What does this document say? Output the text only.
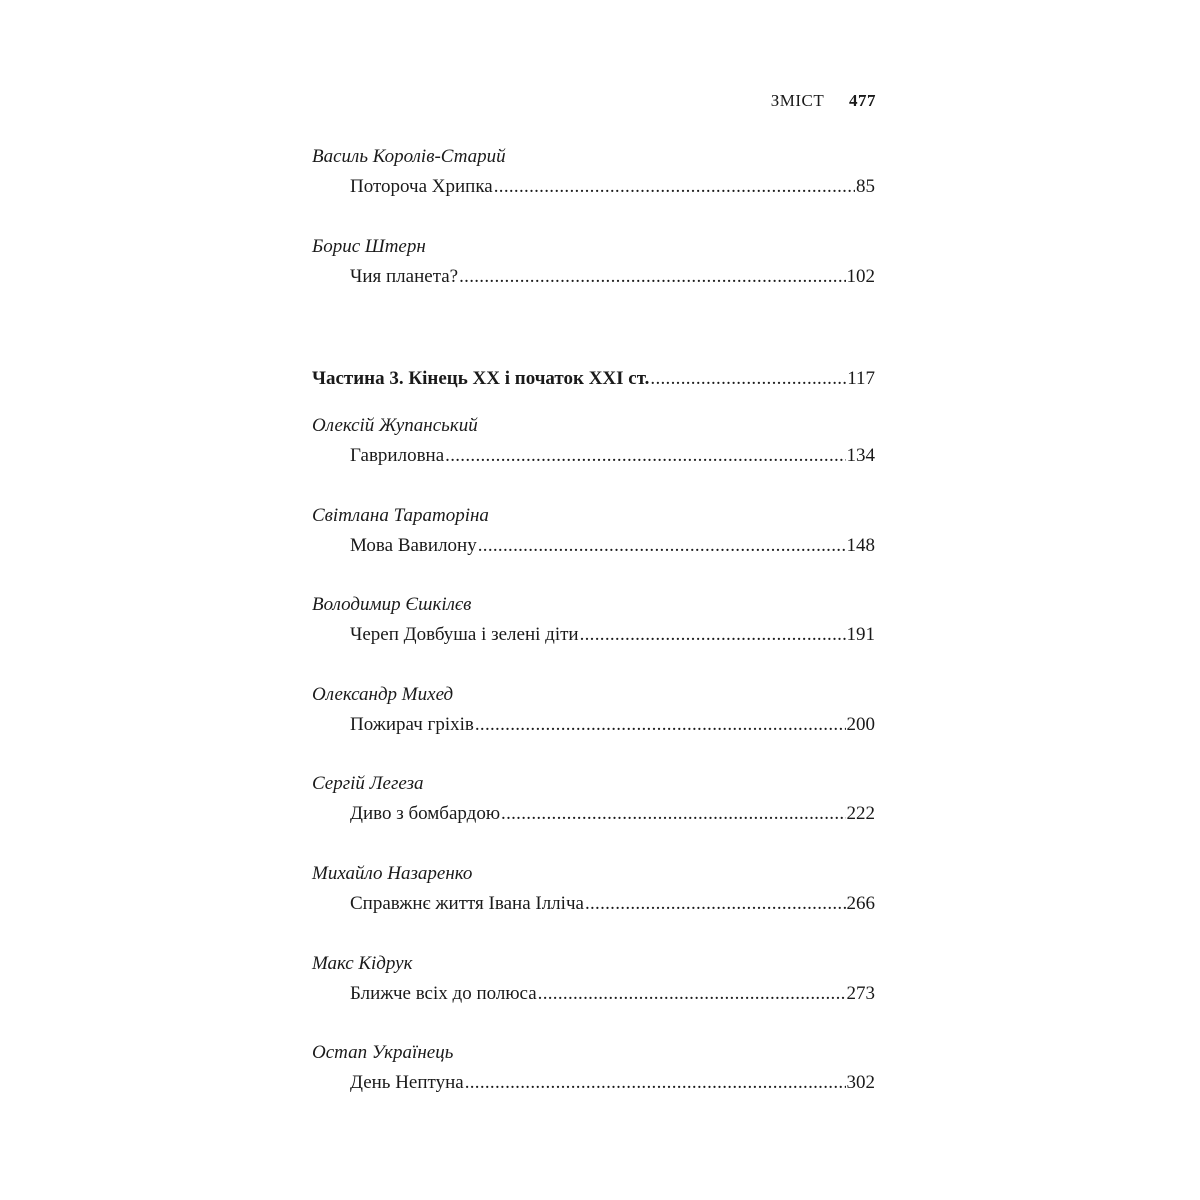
ЗМІСТ 477
Василь Королів-Старий
Потороча Хрипка .....	85
Борис Штерн
Чия планета? .....	102
Частина 3. Кінець ХХ і початок ХХІ ст. .....	117
Олексій Жупанський
Гавриловна .....	134
Світлана Тараторіна
Мова Вавилону .....	148
Володимир Єшкілєв
Череп Довбуша і зелені діти .....	191
Олександр Михед
Пожирач гріхів .....	200
Сергій Легеза
Диво з бомбардою .....	222
Михайло Назаренко
Справжнє життя Івана Ілліча .....	266
Макс Кідрук
Ближче всіх до полюса .....	273
Остап Українець
День Нептуна .....	302
